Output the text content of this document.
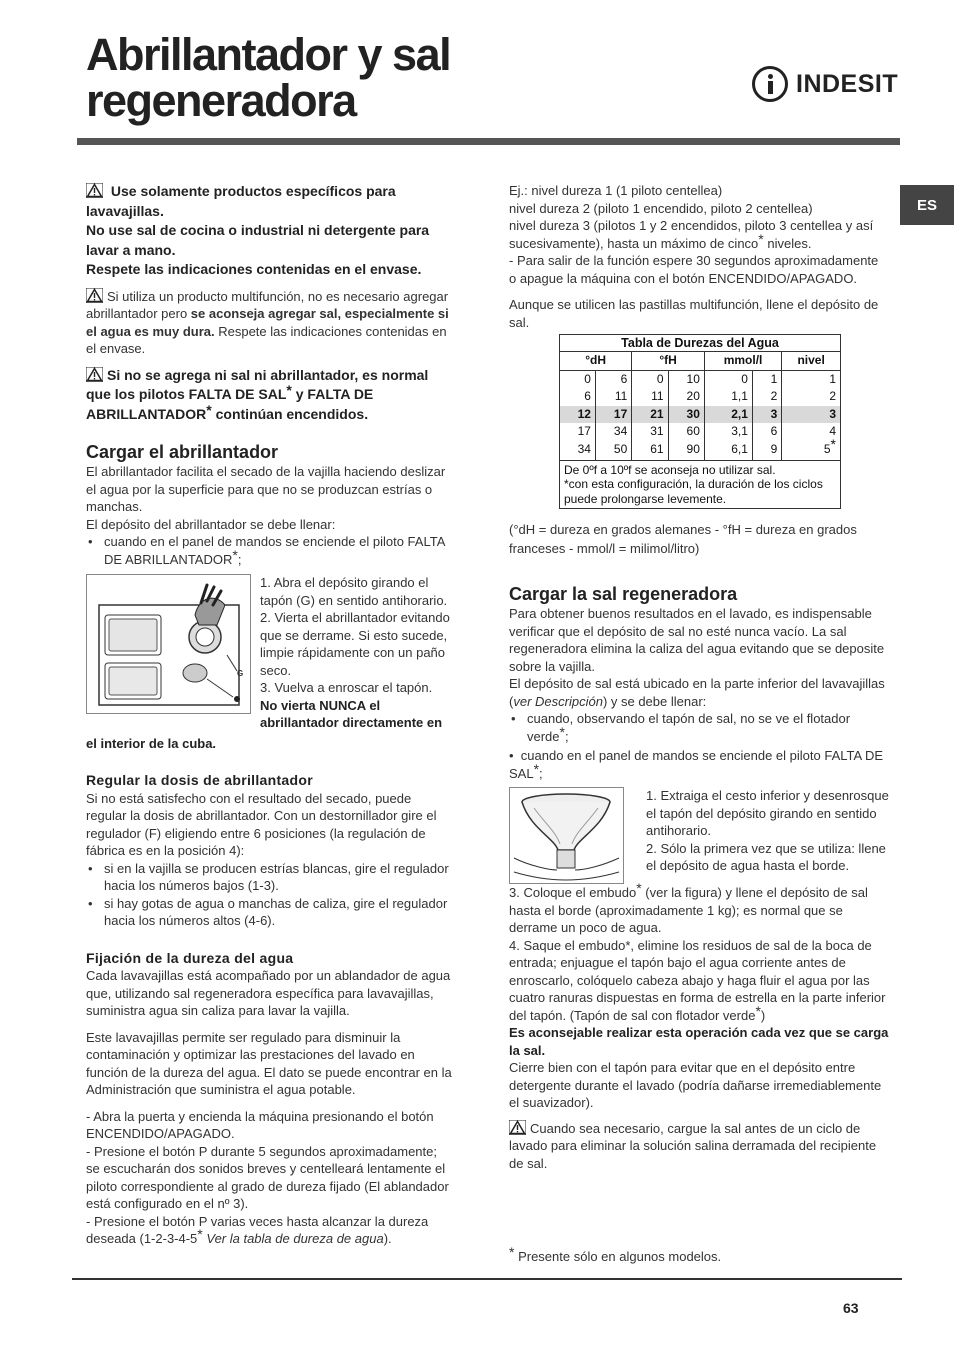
Abrillantador y sal regeneradora	INDESIT
ES

Use solamente productos específicos para lavavajillas.
No use sal de cocina o industrial ni detergente para lavar a mano.
Respete las indicaciones contenidas en el envase.

Si utiliza un producto multifunción, no es necesario agregar abrillantador pero se aconseja agregar sal, especialmente si el agua es muy dura. Respete las indicaciones contenidas en el envase.

Si no se agrega ni sal ni abrillantador, es normal que los pilotos FALTA DE SAL* y FALTA DE ABRILLANTADOR* continúan encendidos.

Cargar el abrillantador

El abrillantador facilita el secado de la vajilla haciendo deslizar el agua por la superficie para que no se produzcan estrías o manchas.

El depósito del abrillantador se debe llenar:

• cuando en el panel de mandos se enciende el piloto FALTA DE ABRILLANTADOR*;

G

1. Abra el depósito girando el tapón (G) en sentido antihorario.

2. Vierta el abrillantador evitando que se derrame. Si esto sucede, limpie rápidamente con un paño seco.

3. Vuelva a enroscar el tapón.

No vierta NUNCA el abrillantador directamente en

el interior de la cuba.

Regular la dosis de abrillantador

Si no está satisfecho con el resultado del secado, puede regular la dosis de abrillantador. Con un destornillador gire el regulador (F) eligiendo entre 6 posiciones (la regulación de fábrica es en la posición 4):

• si en la vajilla se producen estrías blancas, gire el regulador hacia los números bajos (1-3).

• si hay gotas de agua o manchas de caliza, gire el regulador hacia los números altos (4-6).

Fijación de la dureza del agua

Cada lavavajillas está acompañado por un ablandador de agua que, utilizando sal regeneradora específica para lavavajillas, suministra agua sin caliza para lavar la vajilla.

Este lavavajillas permite ser regulado para disminuir la contaminación y optimizar las prestaciones del lavado en función de la dureza del agua. El dato se puede encontrar en la Administración que suministra el agua potable.

- Abra la puerta y encienda la máquina presionando el botón ENCENDIDO/APAGADO.

- Presione el botón P durante 5 segundos aproximadamente; se escucharán dos sonidos breves y centelleará lentamente el piloto correspondiente al grado de dureza fijado (El ablandador está configurado en el nº 3).

- Presione el botón P varias veces hasta alcanzar la dureza deseada (1-2-3-4-5* Ver la tabla de dureza de agua).

Ej.: nivel dureza 1 (1 piloto centellea)

nivel dureza 2 (piloto 1 encendido, piloto 2 centellea)

nivel dureza 3 (pilotos 1 y 2 encendidos, piloto 3 centellea y así sucesivamente), hasta un máximo de cinco* niveles.

- Para salir de la función espere 30 segundos aproximadamente o apague la máquina con el botón ENCENDIDO/APAGADO.

Aunque se utilicen las pastillas multifunción, llene el depósito de sal.

Tabla de Durezas del Agua
°dH		°fH		mmol/l		nivel
0	6	0	10	0	1	1
6	11	11	20	1,1	2	2
12	17	21	30	2,1	3	3
17	34	31	60	3,1	6	4
34	50	61	90	6,1	9	5*
De 0ºf a 10ºf se aconseja no utilizar sal.
*con esta configuración, la duración de los ciclos puede prolongarse levemente.

(°dH = dureza en grados alemanes - °fH = dureza en grados franceses - mmol/l = milimol/litro)

Cargar la sal regeneradora

Para obtener buenos resultados en el lavado, es indispensable verificar que el depósito de sal no esté nunca vacío. La sal regeneradora elimina la caliza del agua evitando que se deposite sobre la vajilla.

El depósito de sal está ubicado en la parte inferior del lavavajillas (ver Descripción) y se debe llenar:

• cuando, observando el tapón de sal, no se ve el flotador verde*;

•  cuando en el panel de mandos se enciende el piloto FALTA DE SAL*;

1. Extraiga el cesto inferior y desenrosque el tapón del depósito girando en sentido antihorario.

2. Sólo la primera vez que se utiliza: llene el depósito de agua hasta el borde.

3. Coloque el embudo* (ver la figura) y llene el depósito de sal hasta el borde (aproximadamente 1 kg); es normal que se derrame un poco de agua.

4. Saque el embudo*, elimine los residuos de sal de la boca de entrada; enjuague el tapón bajo el agua corriente antes de enroscarlo, colóquelo cabeza abajo y haga fluir el agua por las cuatro ranuras dispuestas en forma de estrella en la parte inferior del tapón. (Tapón de sal con flotador verde*)

Es aconsejable realizar esta operación cada vez que se carga la sal.

Cierre bien con el tapón para evitar que en el depósito entre detergente durante el lavado (podría dañarse irremediablemente el suavizador).

Cuando sea necesario, cargue la sal antes de un ciclo de lavado para eliminar la solución salina derramada del recipiente de sal.

* Presente sólo en algunos modelos.
63
